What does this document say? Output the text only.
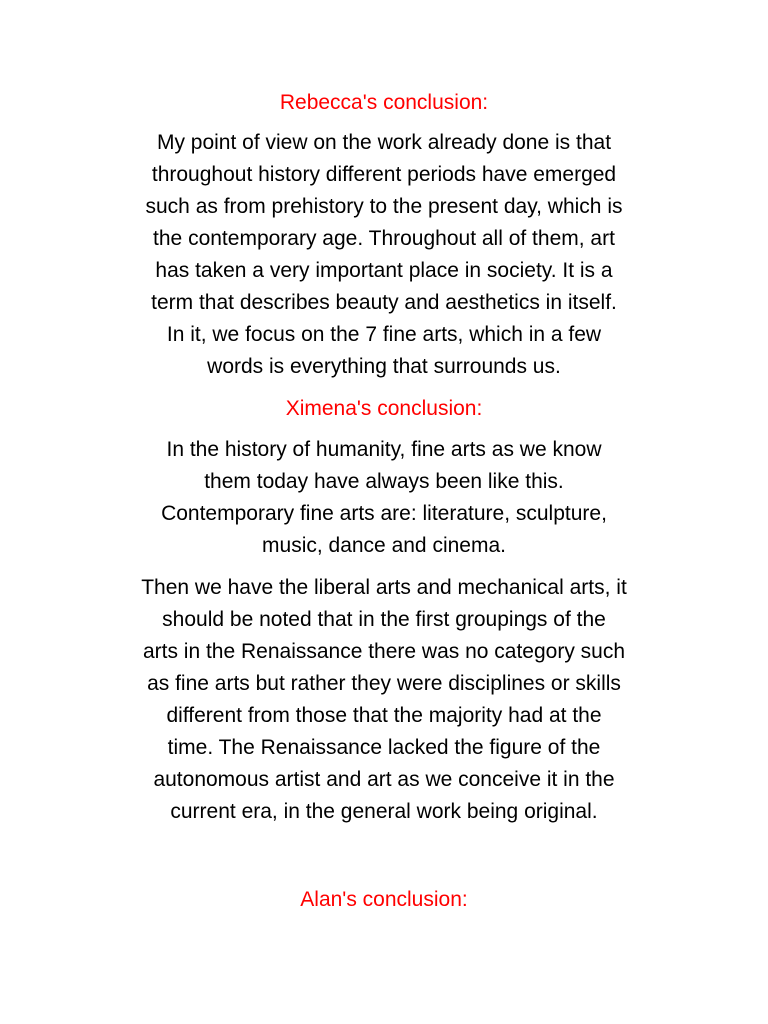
Rebecca's conclusion:
My point of view on the work already done is that
throughout history different periods have emerged
such as from prehistory to the present day, which is
the contemporary age. Throughout all of them, art
has taken a very important place in society. It is a
term that describes beauty and aesthetics in itself.
In it, we focus on the 7 fine arts, which in a few
words is everything that surrounds us.
Ximena's conclusion:
In the history of humanity, fine arts as we know
them today have always been like this.
Contemporary fine arts are: literature, sculpture,
music, dance and cinema.
Then we have the liberal arts and mechanical arts, it
should be noted that in the first groupings of the
arts in the Renaissance there was no category such
as fine arts but rather they were disciplines or skills
different from those that the majority had at the
time. The Renaissance lacked the figure of the
autonomous artist and art as we conceive it in the
current era, in the general work being original.
Alan's conclusion:
